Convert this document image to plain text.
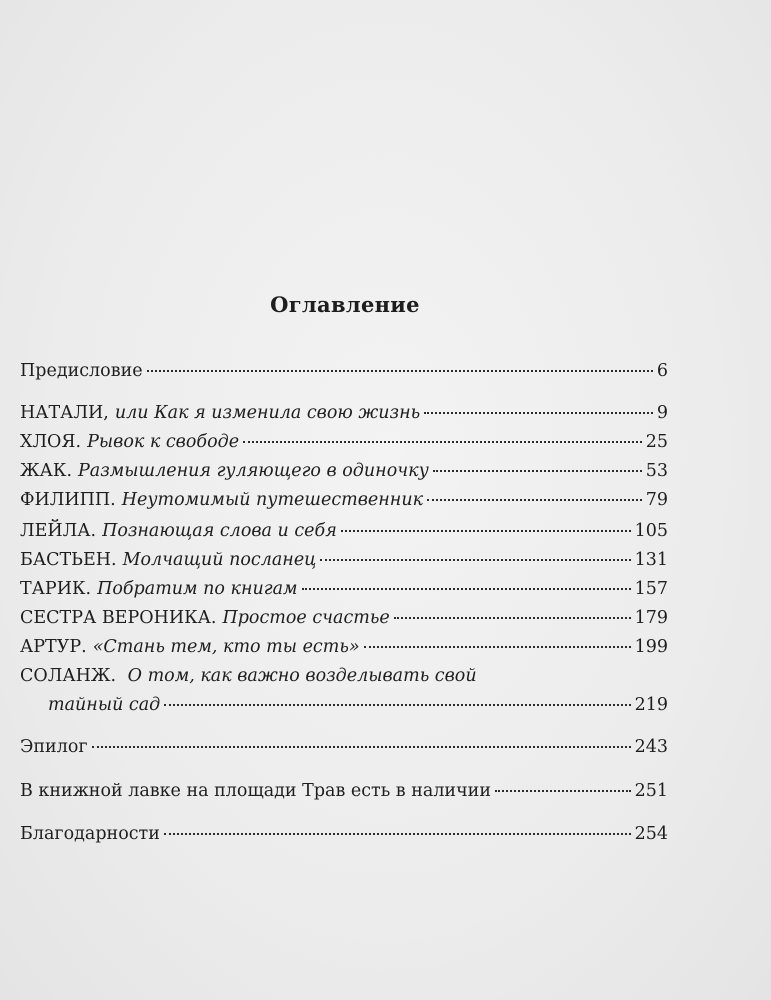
Оглавление
Предисловие	6
НАТАЛИ, или Как я изменила свою жизнь	9
ХЛОЯ. Рывок к свободе	25
ЖАК. Размышления гуляющего в одиночку	53
ФИЛИПП. Неутомимый путешественник	79
ЛЕЙЛА. Познающая слова и себя	105
БАСТЬЕН. Молчащий посланец	131
ТАРИК. Побратим по книгам	157
СЕСТРА ВЕРОНИКА. Простое счастье	179
АРТУР. «Стань тем, кто ты есть»	199
СОЛАНЖ. О том, как важно возделывать свой
тайный сад	219
Эпилог	243
В книжной лавке на площади Трав есть в наличии	251
Благодарности	254
